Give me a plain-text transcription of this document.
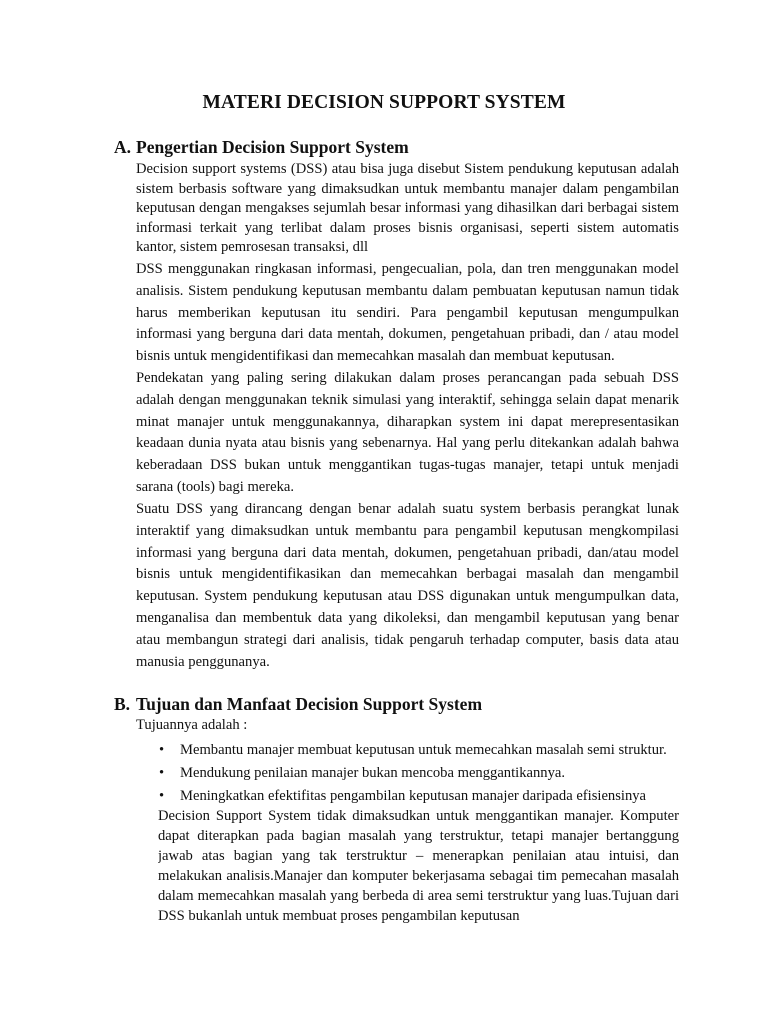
MATERI DECISION SUPPORT SYSTEM
A. Pengertian Decision Support System

Decision support systems (DSS) atau bisa juga disebut Sistem pendukung keputusan adalah sistem berbasis software yang dimaksudkan untuk membantu manajer dalam pengambilan keputusan dengan mengakses sejumlah besar informasi yang dihasilkan dari berbagai sistem informasi terkait yang terlibat dalam proses bisnis organisasi, seperti sistem automatis kantor, sistem pemrosesan transaksi, dll

DSS menggunakan ringkasan informasi, pengecualian, pola, dan tren menggunakan model analisis. Sistem pendukung keputusan membantu dalam pembuatan keputusan namun tidak harus memberikan keputusan itu sendiri. Para pengambil keputusan mengumpulkan informasi yang berguna dari data mentah, dokumen, pengetahuan pribadi, dan / atau model bisnis untuk mengidentifikasi dan memecahkan masalah dan membuat keputusan.

Pendekatan yang paling sering dilakukan dalam proses perancangan pada sebuah DSS adalah dengan menggunakan teknik simulasi yang interaktif, sehingga selain dapat menarik minat manajer untuk menggunakannya, diharapkan system ini dapat merepresentasikan keadaan dunia nyata atau bisnis yang sebenarnya. Hal yang perlu ditekankan adalah bahwa keberadaan DSS bukan untuk menggantikan tugas-tugas manajer, tetapi untuk menjadi sarana (tools) bagi mereka.

Suatu DSS yang dirancang dengan benar adalah suatu system berbasis perangkat lunak interaktif yang dimaksudkan untuk membantu para pengambil keputusan mengkompilasi informasi yang berguna dari data mentah, dokumen, pengetahuan pribadi, dan/atau model bisnis untuk mengidentifikasikan dan memecahkan berbagai masalah dan mengambil keputusan. System pendukung keputusan atau DSS digunakan untuk mengumpulkan data, menganalisa dan membentuk data yang dikoleksi, dan mengambil keputusan yang benar atau membangun strategi dari analisis, tidak pengaruh terhadap computer, basis data atau manusia penggunanya.

B. Tujuan dan Manfaat Decision Support System
Tujuannya adalah :
• Membantu manajer membuat keputusan untuk memecahkan masalah semi struktur.
• Mendukung penilaian manajer bukan mencoba menggantikannya.
• Meningkatkan efektifitas pengambilan keputusan manajer daripada efisiensinya

Decision Support System tidak dimaksudkan untuk menggantikan manajer. Komputer dapat diterapkan pada bagian masalah yang terstruktur, tetapi manajer bertanggung jawab atas bagian yang tak terstruktur – menerapkan penilaian atau intuisi, dan melakukan analisis.Manajer dan komputer bekerjasama sebagai tim pemecahan masalah dalam memecahkan masalah yang berbeda di area semi terstruktur yang luas.Tujuan dari DSS bukanlah untuk membuat proses pengambilan keputusan
